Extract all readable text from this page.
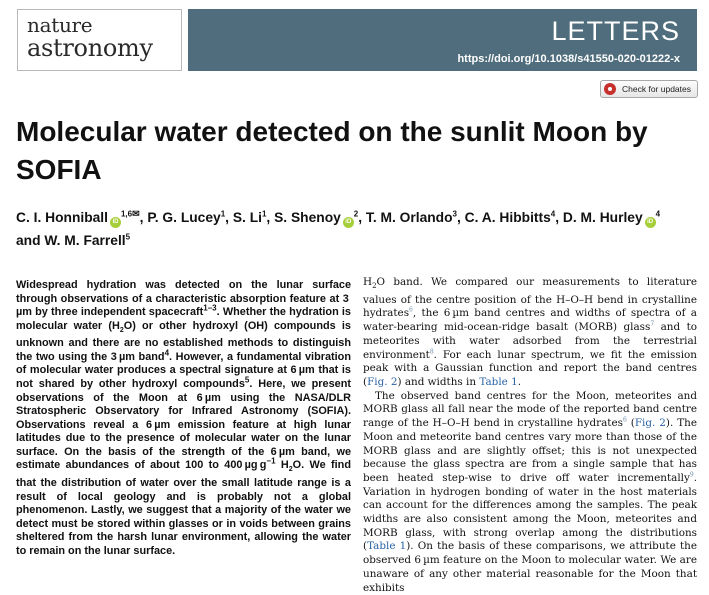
nature
astronomy
LETTERS
https://doi.org/10.1038/s41550-020-01222-x
Check for updates
Molecular water detected on the sunlit Moon by SOFIA
C. I. Honniball $iD^{1,6✉}$, P. G. Lucey$^1$, S. Li$^1$, S. Shenoy $iD^2$, T. M. Orlando$^3$, C. A. Hibbitts$^4$, D. M. Hurley $iD^4$
and W. M. Farrell$^5$

Widespread hydration was detected on the lunar surface through observations of a characteristic absorption feature at 3 µm by three independent spacecraft$^{1-3}$. Whether the hydration is molecular water $(H_2O)$ or other hydroxyl (OH) compounds is unknown and there are no established methods to distinguish the two using the 3 µm band$^4$. However, a fundamental vibration of molecular water produces a spectral signature at 6 µm that is not shared by other hydroxyl compounds$^5$. Here, we present observations of the Moon at 6 µm using the NASA/DLR Stratospheric Observatory for Infrared Astronomy (SOFIA). Observations reveal a 6 µm emission feature at high lunar latitudes due to the presence of molecular water on the lunar surface. On the basis of the strength of the 6 µm band, we estimate abundances of about 100 to 400 µg $g^{-1}$ $H_2O$. We find that the distribution of water over the small latitude range is a result of local geology and is probably not a global phenomenon. Lastly, we suggest that a majority of the water we detect must be stored within glasses or in voids between grains sheltered from the harsh lunar environment, allowing the water to remain on the lunar surface.

$H_2O$ band. We compared our measurements to literature values of the centre position of the H–O–H bend in crystalline hydrates$^6$, the 6 µm band centres and widths of spectra of a water-bearing mid-ocean-ridge basalt (MORB) glass$^7$ and to meteorites with water adsorbed from the terrestrial environment$^8$. For each lunar spectrum, we fit the emission peak with a Gaussian function and report the band centres (Fig. 2) and widths in Table 1.

The observed band centres for the Moon, meteorites and MORB glass all fall near the mode of the reported band centre range of the H–O–H bend in crystalline hydrates$^6$ (Fig. 2). The Moon and meteorite band centres vary more than those of the MORB glass and are slightly offset; this is not unexpected because the glass spectra are from a single sample that has been heated step-wise to drive off water incrementally$^9$. Variation in hydrogen bonding of water in the host materials can account for the differences among the samples. The peak widths are also consistent among the Moon, meteorites and MORB glass, with strong overlap among the distributions (Table 1). On the basis of these comparisons, we attribute the observed 6 µm feature on the Moon to molecular water. We are unaware of any other material reasonable for the Moon that exhibits
